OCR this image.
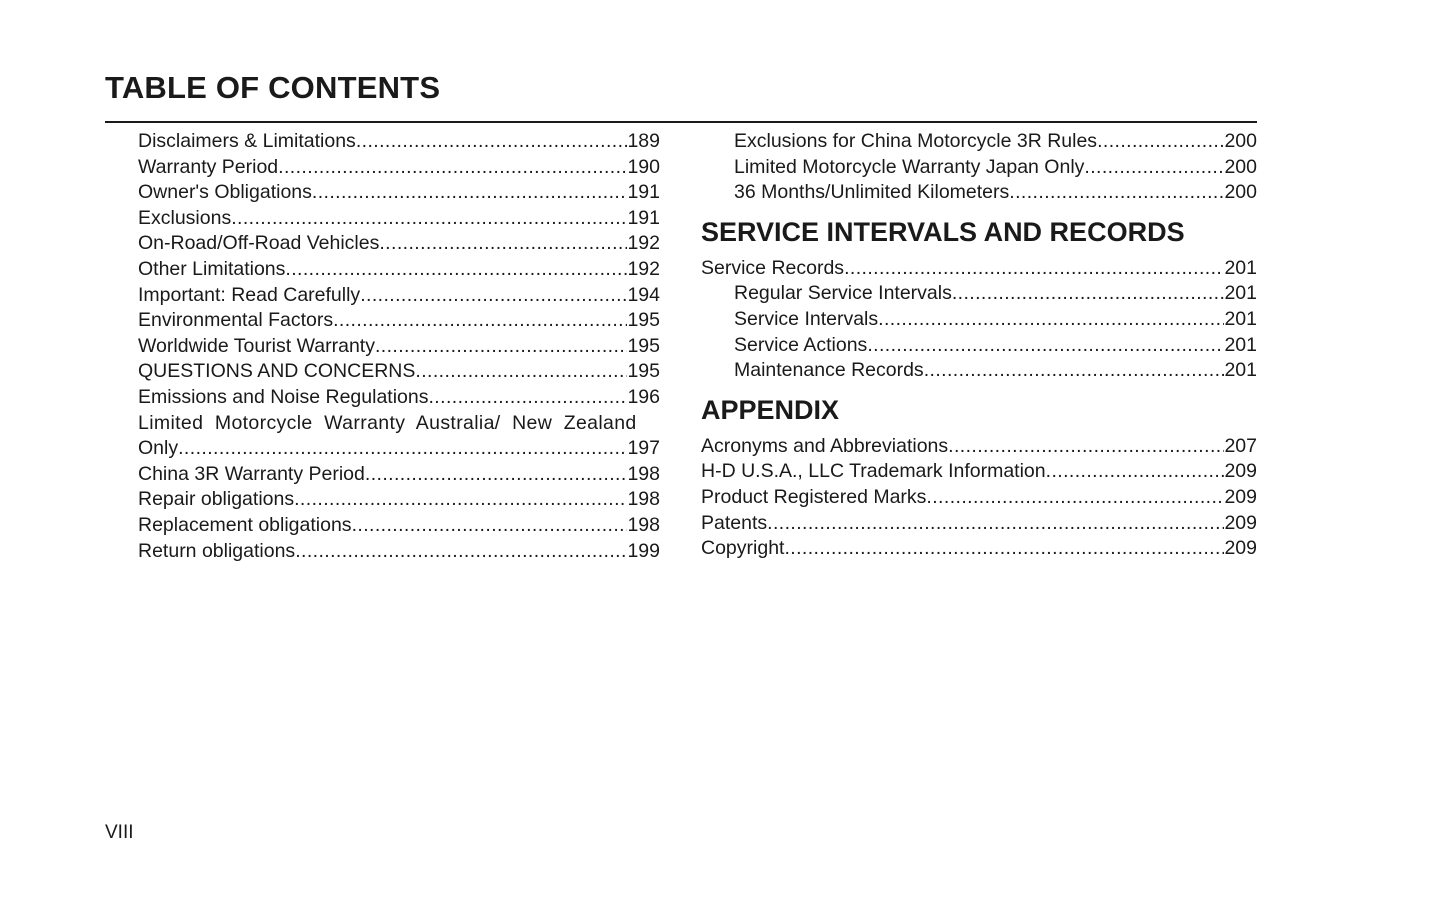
TABLE OF CONTENTS
Disclaimers & Limitations .....	189
Warranty Period .....	190
Owner's Obligations .....	191
Exclusions .....	191
On-Road/Off-Road Vehicles .....	192
Other Limitations .....	192
Important: Read Carefully .....	194
Environmental Factors .....	195
Worldwide Tourist Warranty .....	195
QUESTIONS AND CONCERNS .....	195
Emissions and Noise Regulations .....	196
Limited  Motorcycle  Warranty  Australia/  New  Zealand
Only .....	197
China 3R Warranty Period .....	198
Repair obligations .....	198
Replacement obligations .....	198
Return obligations .....	199
Exclusions for China Motorcycle 3R Rules .....	200
Limited Motorcycle Warranty Japan Only .....	200
36 Months/Unlimited Kilometers .....	200
SERVICE INTERVALS AND RECORDS
Service Records .....	201
Regular Service Intervals .....	201
Service Intervals .....	201
Service Actions .....	201
Maintenance Records .....	201
APPENDIX
Acronyms and Abbreviations .....	207
H-D U.S.A., LLC Trademark Information .....	209
Product Registered Marks .....	209
Patents .....	209
Copyright .....	209
VIII
